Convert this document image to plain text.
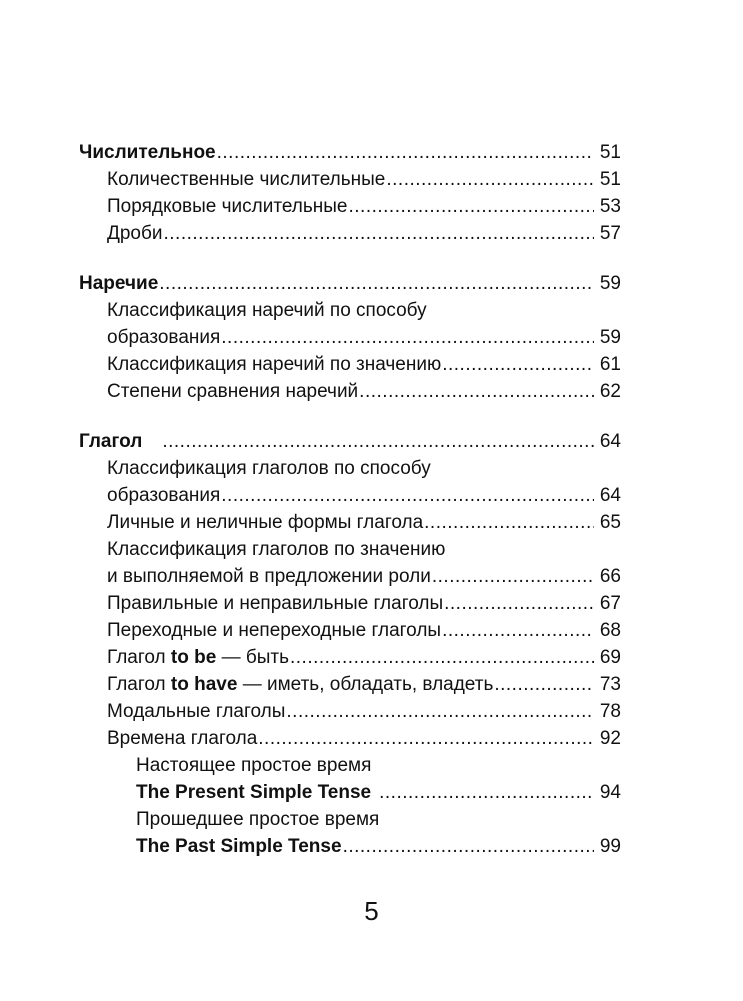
Числительное .....	51
Количественные числительные .....	51
Порядковые числительные .....	53
Дроби .....	57
Наречие .....	59
Классификация наречий по способу
образования .....	59
Классификация наречий по значению .....	61
Степени сравнения наречий .....	62
Глагол .....	64
Классификация глаголов по способу
образования .....	64
Личные и неличные формы глагола .....	65
Классификация глаголов по значению
и выполняемой в предложении роли .....	66
Правильные и неправильные глаголы .....	67
Переходные и непереходные глаголы .....	68
Глагол to be — быть .....	69
Глагол to have — иметь, обладать, владеть .....	73
Модальные глаголы .....	78
Времена глагола .....	92
Настоящее простое время
The Present Simple Tense .....	94
Прошедшее простое время
The Past Simple Tense .....	99
5
